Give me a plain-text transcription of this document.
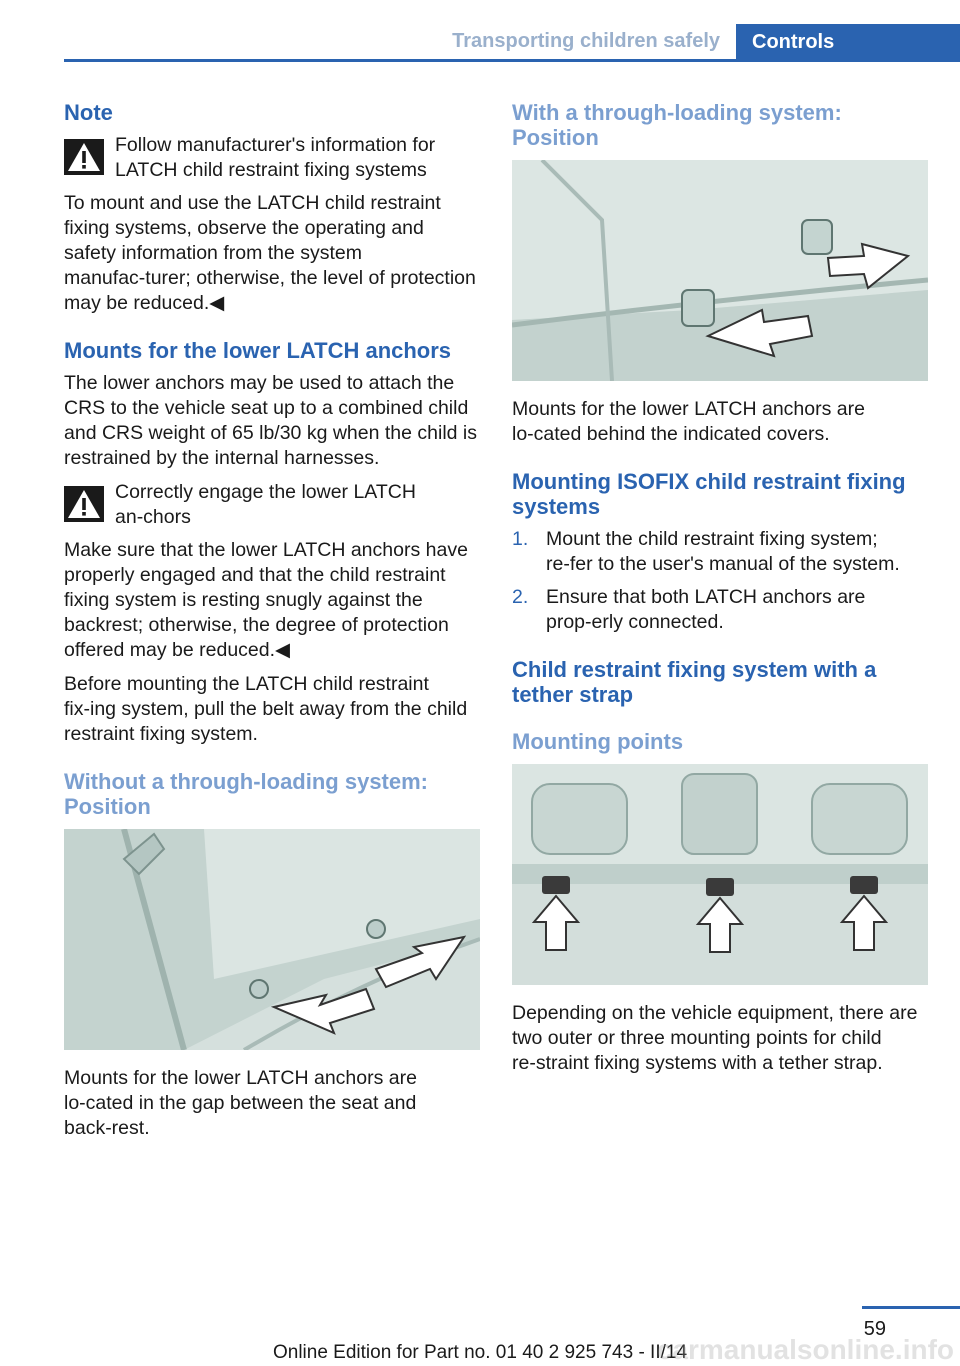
Transporting children safely	Controls
Note
Follow manufacturer's information for LATCH child restraint fixing systems

To mount and use the LATCH child restraint fixing systems, observe the operating and safety information from the system manufac‑turer; otherwise, the level of protection may be reduced.◀

Mounts for the lower LATCH anchors

The lower anchors may be used to attach the CRS to the vehicle seat up to a combined child and CRS weight of 65 lb/30 kg when the child is restrained by the internal harnesses.

Correctly engage the lower LATCH an‑chors

Make sure that the lower LATCH anchors have properly engaged and that the child restraint fixing system is resting snugly against the backrest; otherwise, the degree of protection offered may be reduced.◀

Before mounting the LATCH child restraint fix‑ing system, pull the belt away from the child restraint fixing system.

Without a through-loading system: Position

Mounts for the lower LATCH anchors are lo‑cated in the gap between the seat and back‑rest.

With a through-loading system: Position

Mounts for the lower LATCH anchors are lo‑cated behind the indicated covers.

Mounting ISOFIX child restraint fixing systems
1. Mount the child restraint fixing system; re‑fer to the user's manual of the system.
2. Ensure that both LATCH anchors are prop‑erly connected.
Child restraint fixing system with a tether strap
Mounting points

Depending on the vehicle equipment, there are two outer or three mounting points for child re‑straint fixing systems with a tether strap.

59
Online Edition for Part no. 01 40 2 925 743 - II/14
carmanualsonline.info
